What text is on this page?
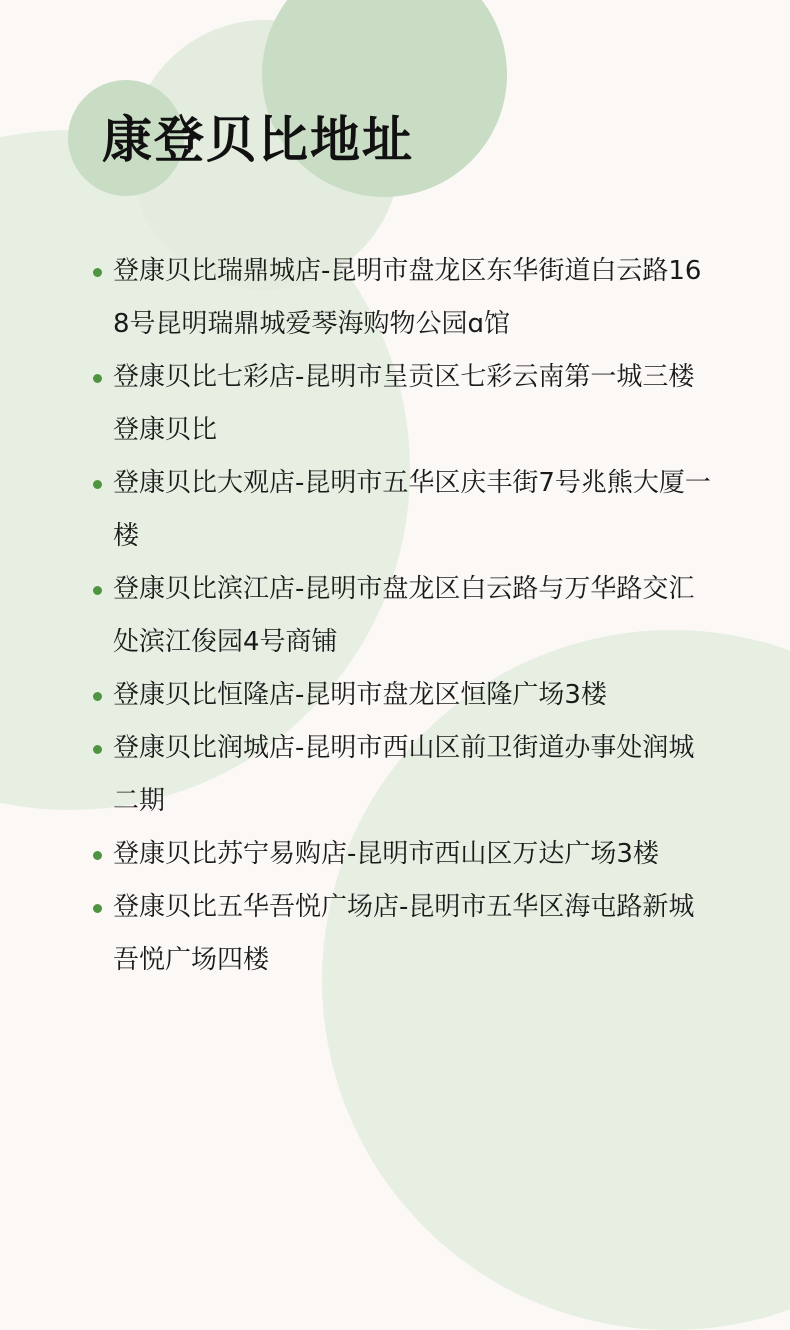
康登贝比地址
登康贝比瑞鼎城店-昆明市盘龙区东华街道白云路168号昆明瑞鼎城爱琴海购物公园ɑ馆
登康贝比七彩店-昆明市呈贡区七彩云南第一城三楼登康贝比
登康贝比大观店-昆明市五华区庆丰街7号兆熊大厦一楼
登康贝比滨江店-昆明市盘龙区白云路与万华路交汇处滨江俊园4号商铺
登康贝比恒隆店-昆明市盘龙区恒隆广场3楼
登康贝比润城店-昆明市西山区前卫街道办事处润城二期
登康贝比苏宁易购店-昆明市西山区万达广场3楼
登康贝比五华吾悦广场店-昆明市五华区海屯路新城吾悦广场四楼
